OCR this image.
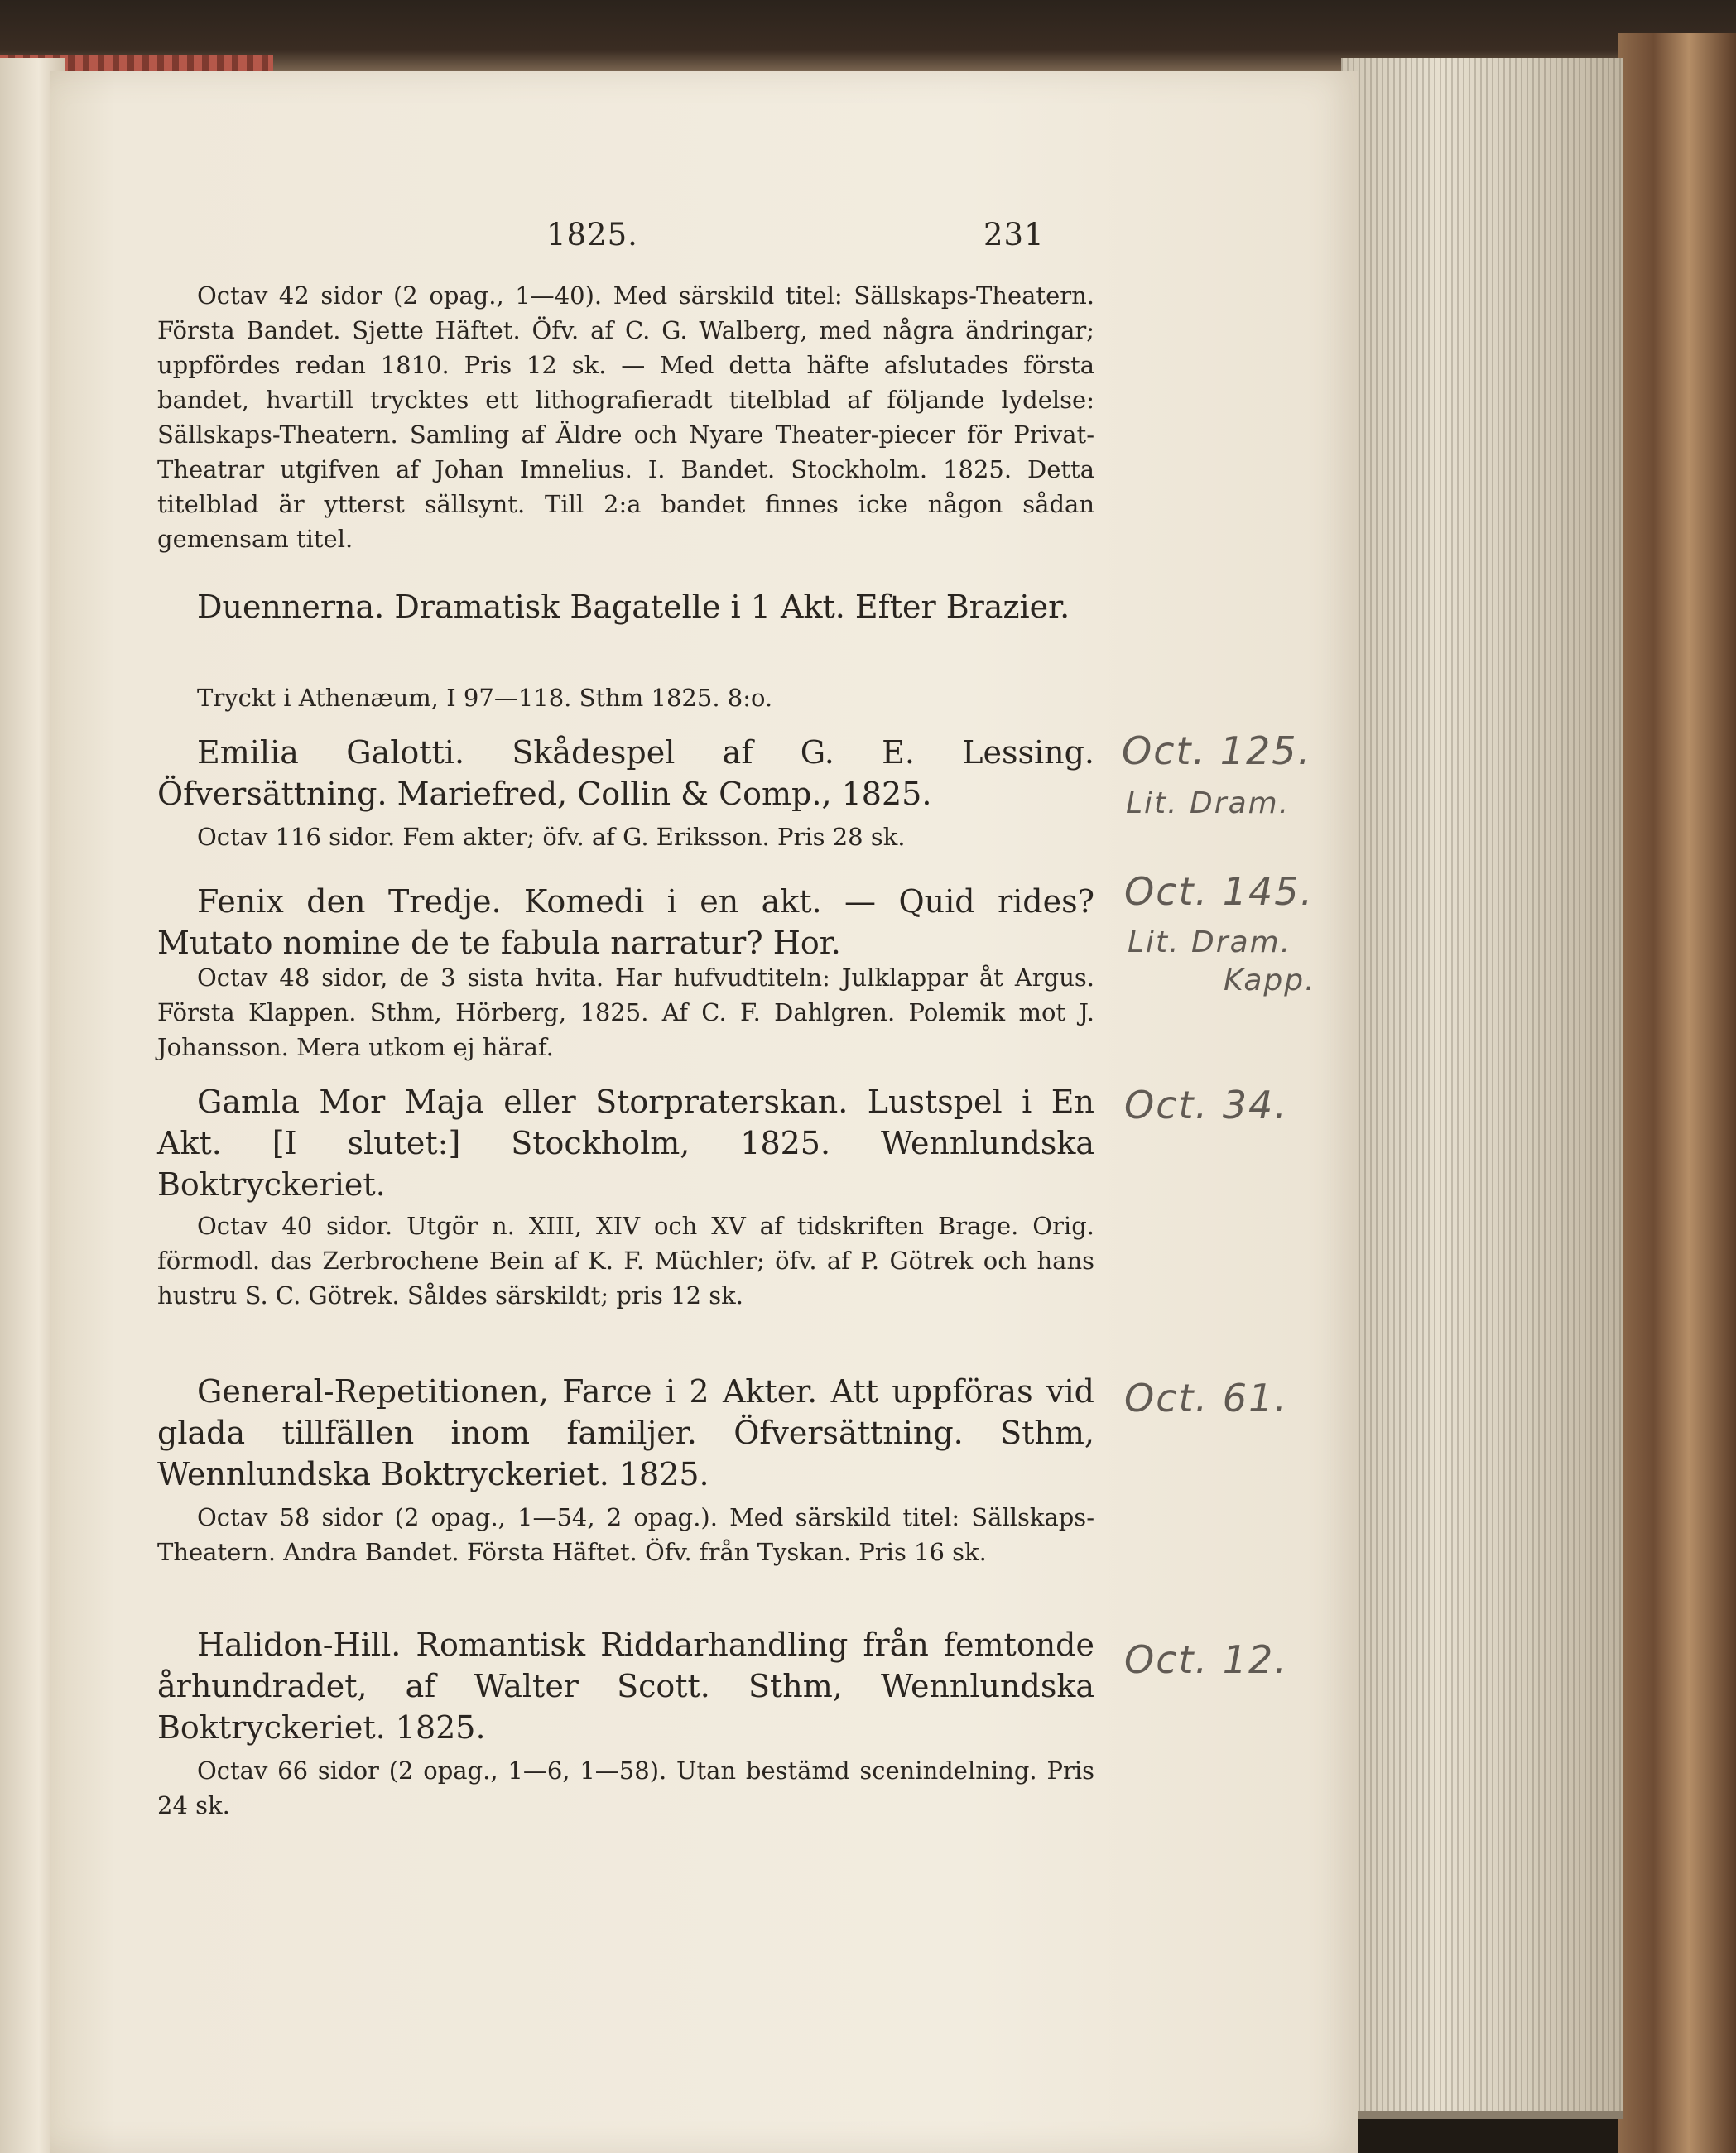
1825.	231
Octav 42 sidor (2 opag., 1—40). Med särskild titel: Sällskaps-Theatern. Första Bandet. Sjette Häftet. Öfv. af C. G. Walberg, med några ändringar; uppfördes redan 1810. Pris 12 sk. — Med detta häfte afslutades första bandet, hvartill trycktes ett lithografieradt titelblad af följande lydelse: Sällskaps-Theatern. Samling af Äldre och Nyare Theater-piecer för Privat-Theatrar utgifven af Johan Imnelius. I. Bandet. Stockholm. 1825. Detta titelblad är ytterst sällsynt. Till 2:a bandet finnes icke någon sådan gemensam titel.
Duennerna. Dramatisk Bagatelle i 1 Akt. Efter Brazier.
Tryckt i Athenæum, I 97—118. Sthm 1825. 8:o.
Emilia Galotti. Skådespel af G. E. Lessing. Öfversättning. Mariefred, Collin & Comp., 1825.
Octav 116 sidor. Fem akter; öfv. af G. Eriksson. Pris 28 sk.
Fenix den Tredje. Komedi i en akt. — Quid rides? Mutato nomine de te fabula narratur? Hor.
Octav 48 sidor, de 3 sista hvita. Har hufvudtiteln: Julklappar åt Argus. Första Klappen. Sthm, Hörberg, 1825. Af C. F. Dahlgren. Polemik mot J. Johansson. Mera utkom ej häraf.
Gamla Mor Maja eller Storpraterskan. Lustspel i En Akt. [I slutet:] Stockholm, 1825. Wennlundska Boktryckeriet.
Octav 40 sidor. Utgör n. XIII, XIV och XV af tidskriften Brage. Orig. förmodl. das Zerbrochene Bein af K. F. Müchler; öfv. af P. Götrek och hans hustru S. C. Götrek. Såldes särskildt; pris 12 sk.
General-Repetitionen, Farce i 2 Akter. Att uppföras vid glada tillfällen inom familjer. Öfversättning. Sthm, Wennlundska Boktryckeriet. 1825.
Octav 58 sidor (2 opag., 1—54, 2 opag.). Med särskild titel: Sällskaps-Theatern. Andra Bandet. Första Häftet. Öfv. från Tyskan. Pris 16 sk.
Halidon-Hill. Romantisk Riddarhandling från femtonde århundradet, af Walter Scott. Sthm, Wennlundska Boktryckeriet. 1825.
Octav 66 sidor (2 opag., 1—6, 1—58). Utan bestämd scenindelning. Pris 24 sk.
Oct. 125.
Lit. Dram.
Oct. 145.
Lit. Dram.
Kapp.
Oct. 34.
Oct. 61.
Oct. 12.
